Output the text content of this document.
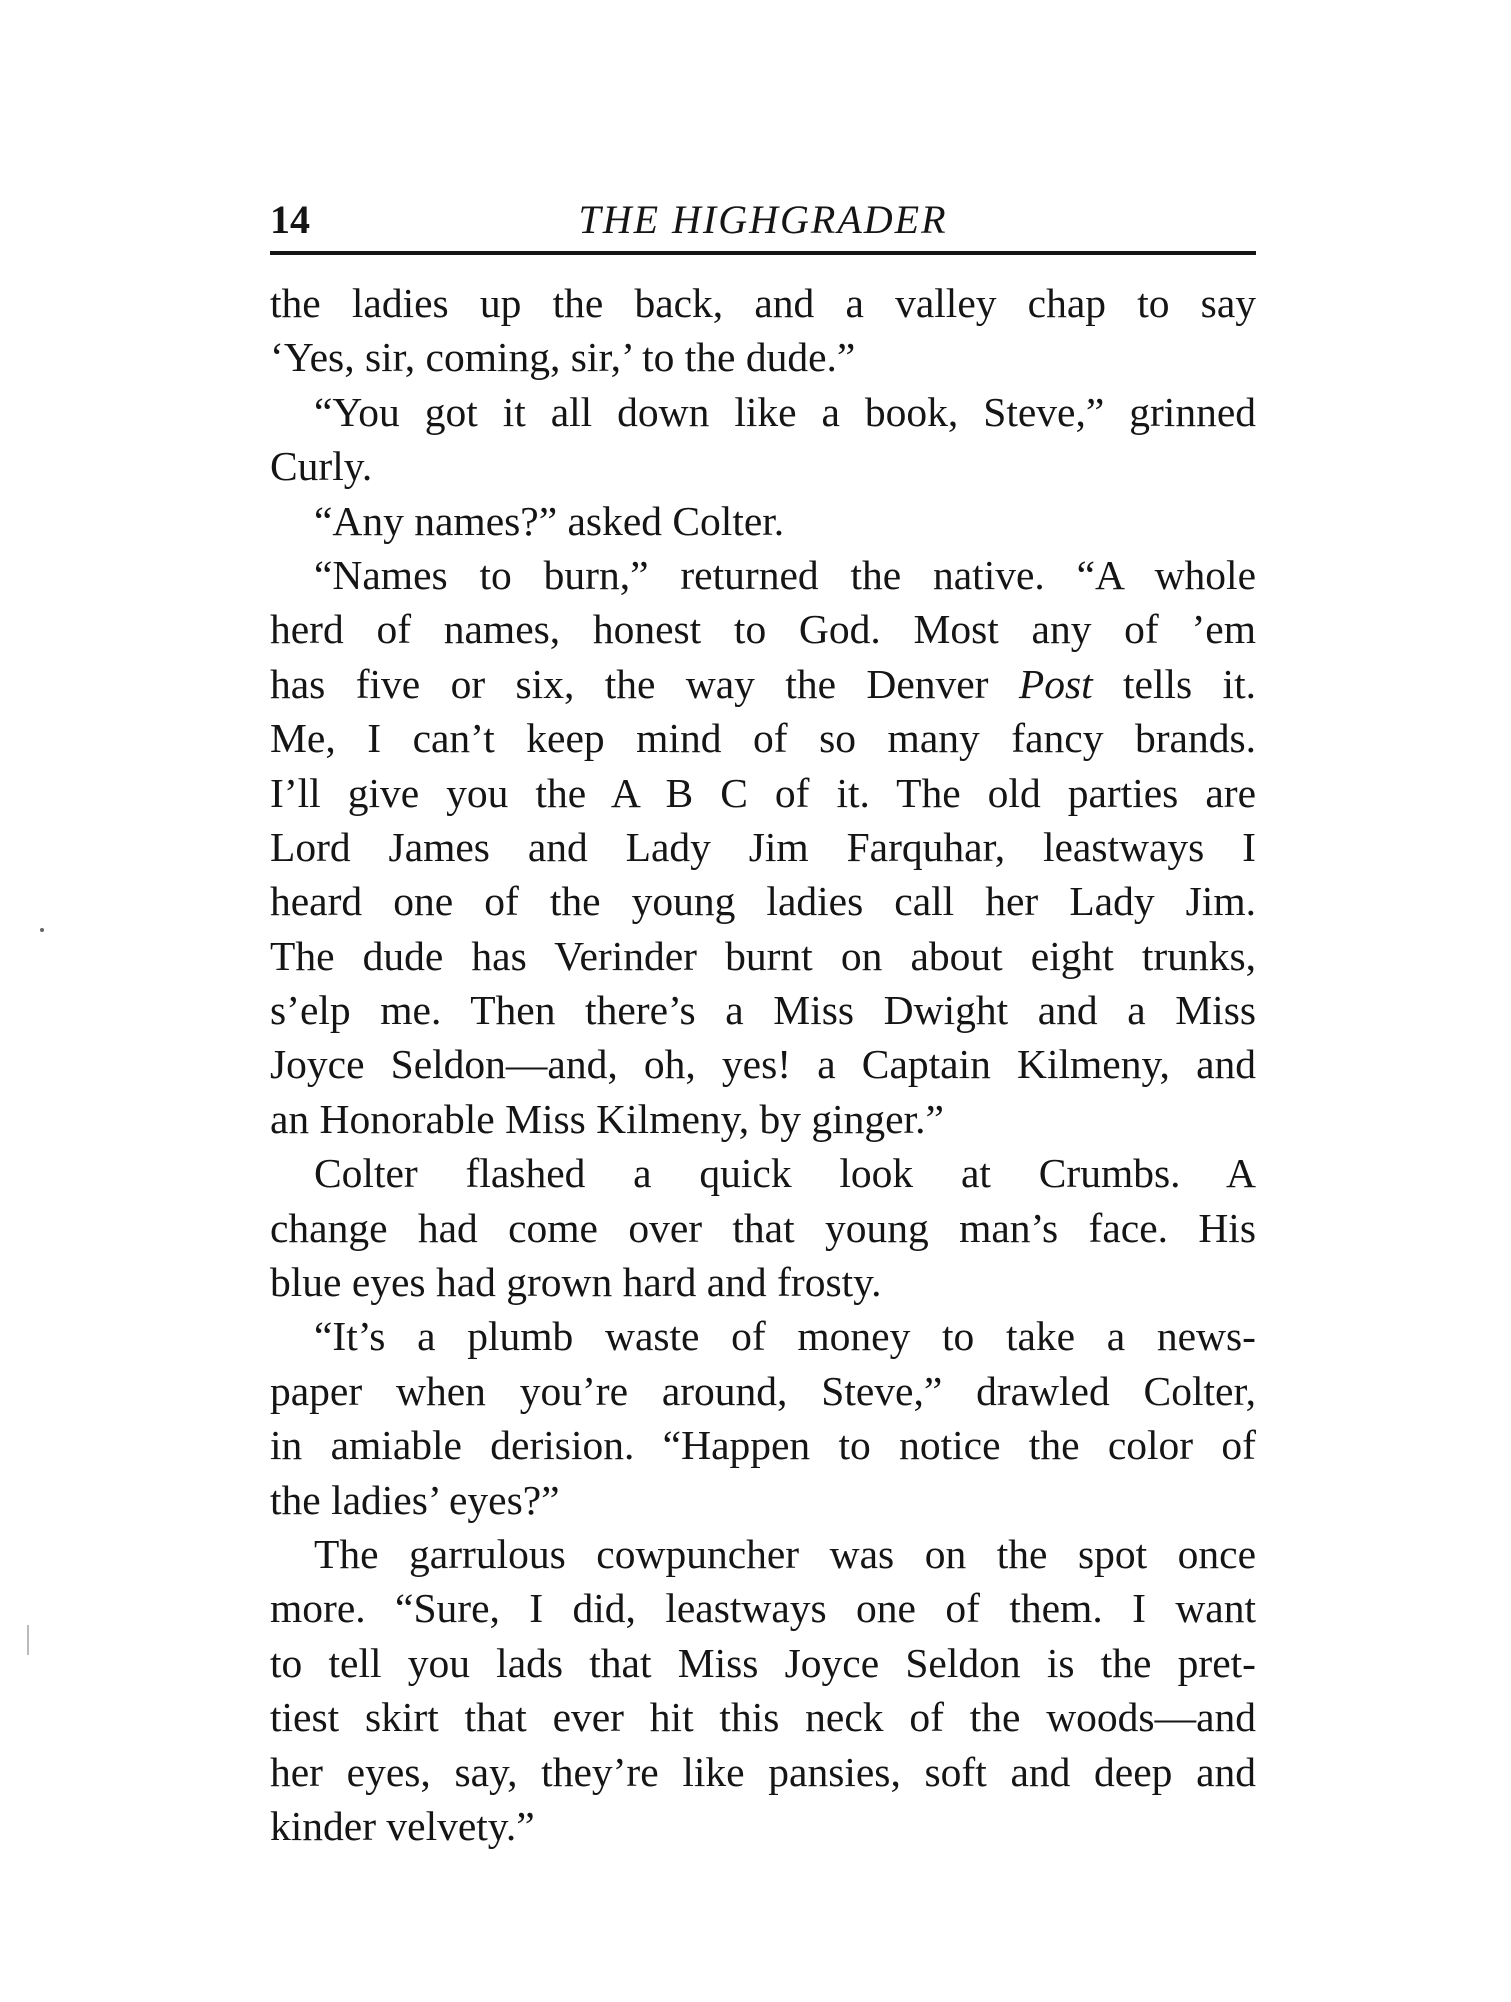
14	THE HIGHGRADER
the ladies up the back, and a valley chap to say
‘Yes, sir, coming, sir,’ to the dude.”
“You got it all down like a book, Steve,” grinned
Curly.
“Any names?” asked Colter.
“Names to burn,” returned the native. “A whole
herd of names, honest to God. Most any of ’em
has five or six, the way the Denver Post tells it.
Me, I can’t keep mind of so many fancy brands.
I’ll give you the A B C of it. The old parties are
Lord James and Lady Jim Farquhar, leastways I
heard one of the young ladies call her Lady Jim.
The dude has Verinder burnt on about eight trunks,
s’elp me. Then there’s a Miss Dwight and a Miss
Joyce Seldon—and, oh, yes! a Captain Kilmeny, and
an Honorable Miss Kilmeny, by ginger.”
Colter flashed a quick look at Crumbs. A
change had come over that young man’s face. His
blue eyes had grown hard and frosty.
“It’s a plumb waste of money to take a news-
paper when you’re around, Steve,” drawled Colter,
in amiable derision. “Happen to notice the color of
the ladies’ eyes?”
The garrulous cowpuncher was on the spot once
more. “Sure, I did, leastways one of them. I want
to tell you lads that Miss Joyce Seldon is the pret-
tiest skirt that ever hit this neck of the woods—and
her eyes, say, they’re like pansies, soft and deep and
kinder velvety.”
